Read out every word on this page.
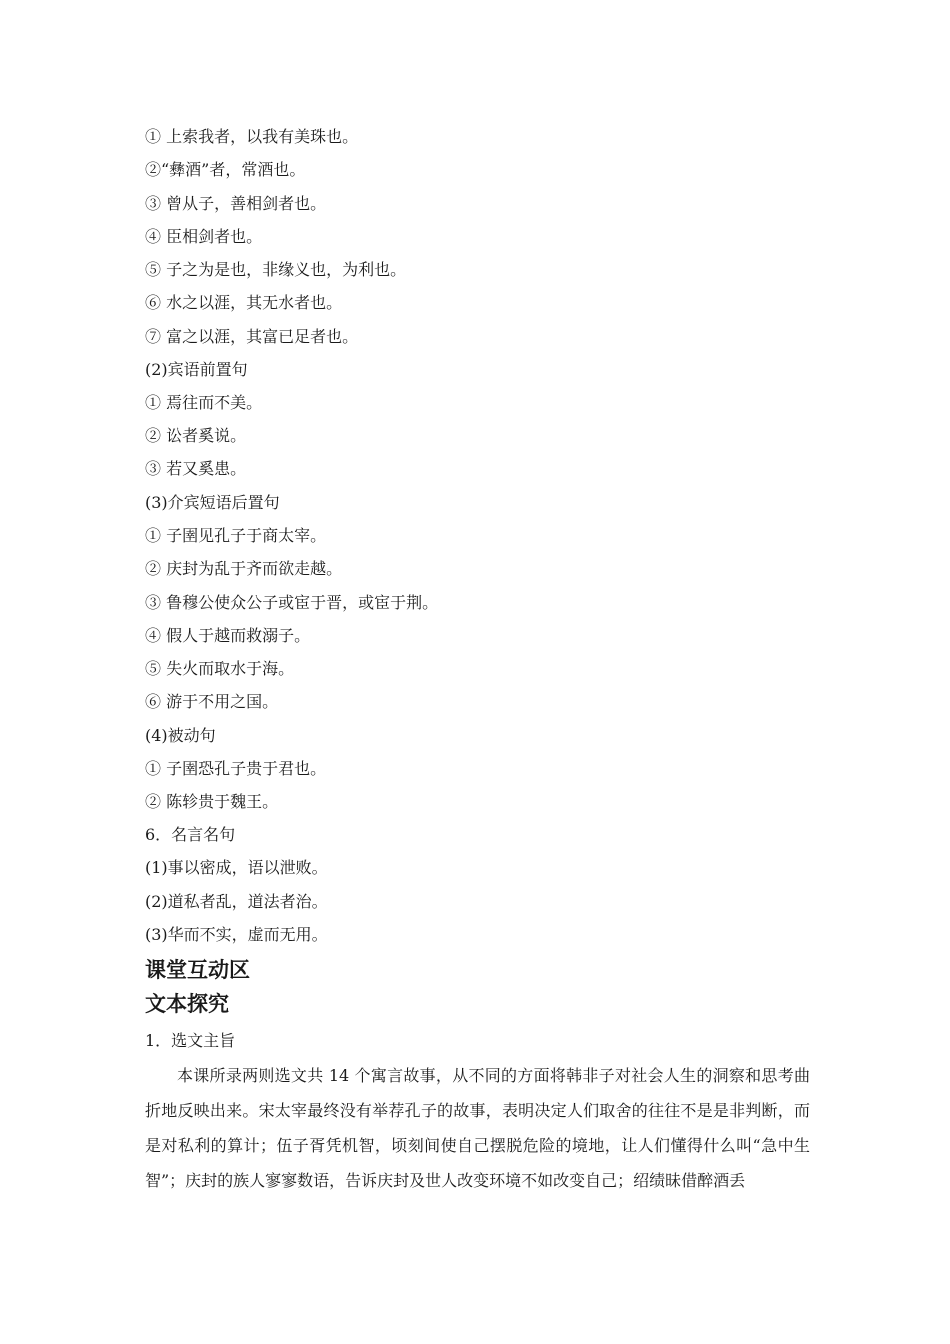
① 上索我者，以我有美珠也。
②“彝酒”者，常酒也。
③ 曾从子，善相剑者也。
④ 臣相剑者也。
⑤ 子之为是也，非缘义也，为利也。
⑥ 水之以涯，其无水者也。
⑦ 富之以涯，其富已足者也。
(2)宾语前置句
① 焉往而不美。
② 讼者奚说。
③ 若又奚患。
(3)介宾短语后置句
① 子圉见孔子于商太宰。
② 庆封为乱于齐而欲走越。
③ 鲁穆公使众公子或宦于晋，或宦于荆。
④ 假人于越而救溺子。
⑤ 失火而取水于海。
⑥ 游于不用之国。
(4)被动句
① 子圉恐孔子贵于君也。
② 陈轸贵于魏王。
6．名言名句
(1)事以密成，语以泄败。
(2)道私者乱，道法者治。
(3)华而不实，虚而无用。
课堂互动区
文本探究
1．选文主旨
本课所录两则选文共 14 个寓言故事，从不同的方面将韩非子对社会人生的洞察和思考曲折地反映出来。宋太宰最终没有举荐孔子的故事，表明决定人们取舍的往往不是是非判断，而是对私利的算计；伍子胥凭机智，顷刻间使自己摆脱危险的境地，让人们懂得什么叫“急中生智”；庆封的族人寥寥数语，告诉庆封及世人改变环境不如改变自己；绍绩昧借醉酒丢
